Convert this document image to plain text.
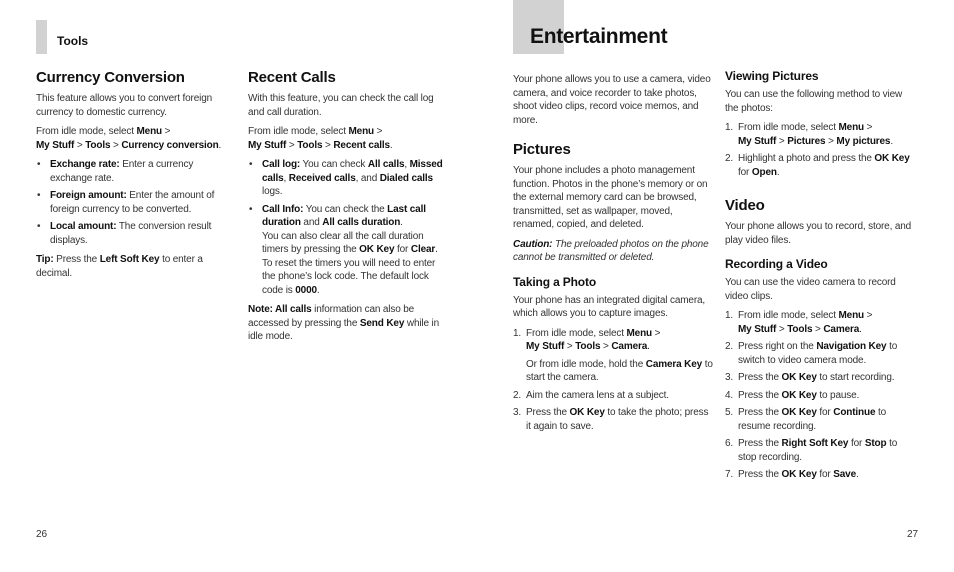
Tools	Entertainment
Currency Conversion

This feature allows you to convert foreign currency to domestic currency.

From idle mode, select Menu >
My Stuff > Tools > Currency conversion.

• Exchange rate: Enter a currency exchange rate.
• Foreign amount: Enter the amount of foreign currency to be converted.
• Local amount: The conversion result displays.

Tip: Press the Left Soft Key to enter a decimal.

Recent Calls

With this feature, you can check the call log and call duration.

From idle mode, select Menu >
My Stuff > Tools > Recent calls.

• Call log: You can check All calls, Missed calls, Received calls, and Dialed calls logs.
• Call Info: You can check the Last call duration and All calls duration.
You can also clear all the call duration timers by pressing the OK Key for Clear. To reset the timers you will need to enter the phone’s lock code. The default lock code is 0000.

Note: All calls information can also be accessed by pressing the Send Key while in idle mode.

Your phone allows you to use a camera, video camera, and voice recorder to take photos, shoot video clips, record voice memos, and more.

Pictures

Your phone includes a photo management function. Photos in the phone’s memory or on the external memory card can be browsed, transmitted, set as wallpaper, moved, renamed, copied, and deleted.

Caution: The preloaded photos on the phone cannot be transmitted or deleted.

Taking a Photo

Your phone has an integrated digital camera, which allows you to capture images.

1. From idle mode, select Menu >
My Stuff > Tools > Camera.
Or from idle mode, hold the Camera Key to start the camera.
2. Aim the camera lens at a subject.
3. Press the OK Key to take the photo; press it again to save.
Viewing Pictures

You can use the following method to view the photos:

1. From idle mode, select Menu >
My Stuff > Pictures > My pictures.
2. Highlight a photo and press the OK Key
for Open.
Video

Your phone allows you to record, store, and play video files.

Recording a Video

You can use the video camera to record video clips.

1. From idle mode, select Menu >
My Stuff > Tools > Camera.
2. Press right on the Navigation Key to switch to video camera mode.
3. Press the OK Key to start recording.
4. Press the OK Key to pause.
5. Press the OK Key for Continue to resume recording.
6. Press the Right Soft Key for Stop to stop recording.
7. Press the OK Key for Save.
26	27
